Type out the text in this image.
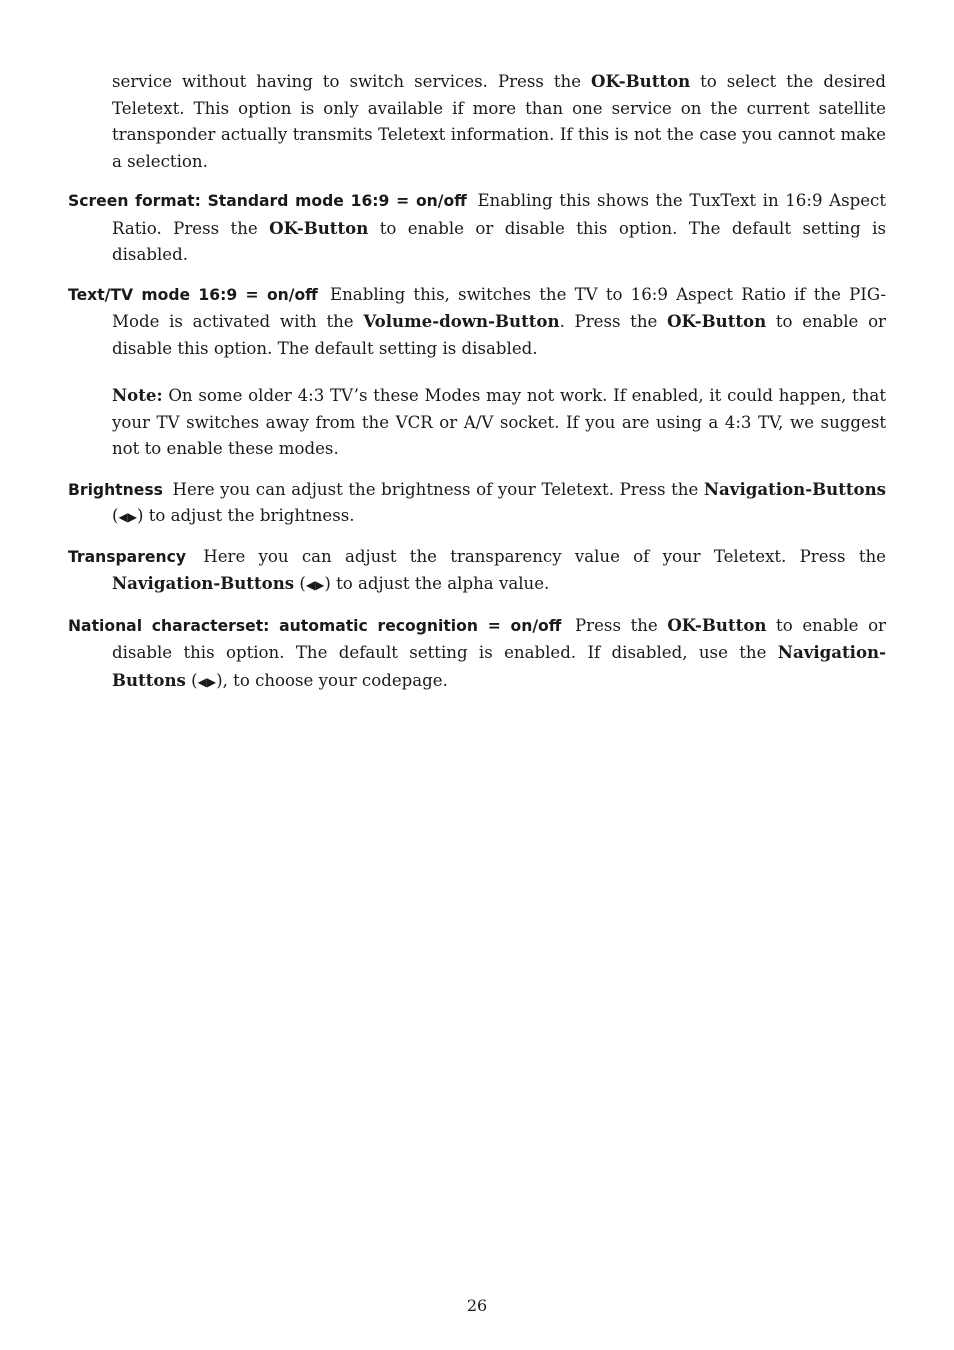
service without having to switch services. Press the OK-Button to select the desired Teletext. This option is only available if more than one service on the current satellite transponder actually transmits Teletext information. If this is not the case you cannot make a selection.

Screen format: Standard mode 16:9 = on/off Enabling this shows the TuxText in 16:9 Aspect Ratio. Press the OK-Button to enable or disable this option. The default setting is disabled.

Text/TV mode 16:9 = on/off Enabling this, switches the TV to 16:9 Aspect Ratio if the PIG-Mode is activated with the Volume-down-Button. Press the OK-Button to enable or disable this option. The default setting is disabled.

Note: On some older 4:3 TV’s these Modes may not work. If enabled, it could happen, that your TV switches away from the VCR or A/V socket. If you are using a 4:3 TV, we suggest not to enable these modes.

Brightness Here you can adjust the brightness of your Teletext. Press the Navigation-Buttons (◀▶) to adjust the brightness.

Transparency Here you can adjust the transparency value of your Teletext. Press the Navigation-Buttons (◀▶) to adjust the alpha value.

National characterset: automatic recognition = on/off Press the OK-Button to enable or disable this option. The default setting is enabled. If disabled, use the Navigation-Buttons (◀▶), to choose your codepage.

26
